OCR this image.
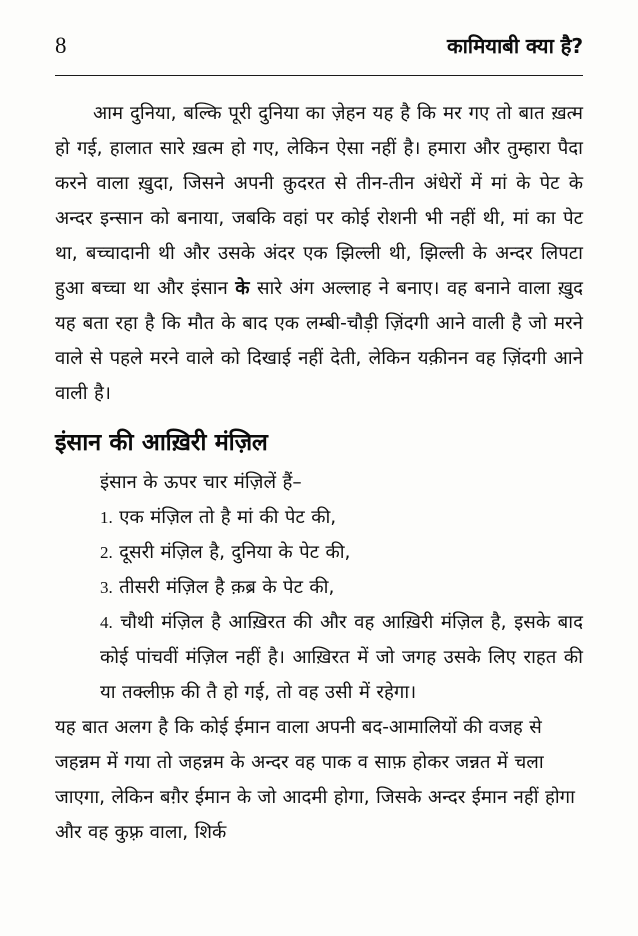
8	कामियाबी क्या है?

आम दुनिया, बल्कि पूरी दुनिया का ज़ेहन यह है कि मर गए तो बात ख़त्म हो गई, हालात सारे ख़त्म हो गए, लेकिन ऐसा नहीं है। हमारा और तुम्हारा पैदा करने वाला ख़ुदा, जिसने अपनी क़ुदरत से तीन-तीन अंधेरों में मां के पेट के अन्दर इन्सान को बनाया, जबकि वहां पर कोई रोशनी भी नहीं थी, मां का पेट था, बच्चादानी थी और उसके अंदर एक झिल्ली थी, झिल्ली के अन्दर लिपटा हुआ बच्चा था और इंसान के सारे अंग अल्लाह ने बनाए। वह बनाने वाला ख़ुद यह बता रहा है कि मौत के बाद एक लम्बी-चौड़ी ज़िंदगी आने वाली है जो मरने वाले से पहले मरने वाले को दिखाई नहीं देती, लेकिन यक़ीनन वह ज़िंदगी आने वाली है।

इंसान की आख़िरी मंज़िल

इंसान के ऊपर चार मंज़िलें हैं–

1. एक मंज़िल तो है मां की पेट की,
2. दूसरी मंज़िल है, दुनिया के पेट की,
3. तीसरी मंज़िल है क़ब्र के पेट की,
4. चौथी मंज़िल है आख़िरत की और वह आख़िरी मंज़िल है, इसके बाद कोई पांचवीं मंज़िल नहीं है। आख़िरत में जो जगह उसके लिए राहत की या तक्लीफ़ की तै हो गई, तो वह उसी में रहेगा।

यह बात अलग है कि कोई ईमान वाला अपनी बद-आमालियों की वजह से जहन्नम में गया तो जहन्नम के अन्दर वह पाक व साफ़ होकर जन्नत में चला जाएगा, लेकिन बग़ैर ईमान के जो आदमी होगा, जिसके अन्दर ईमान नहीं होगा और वह कुफ़्र वाला, शिर्क
